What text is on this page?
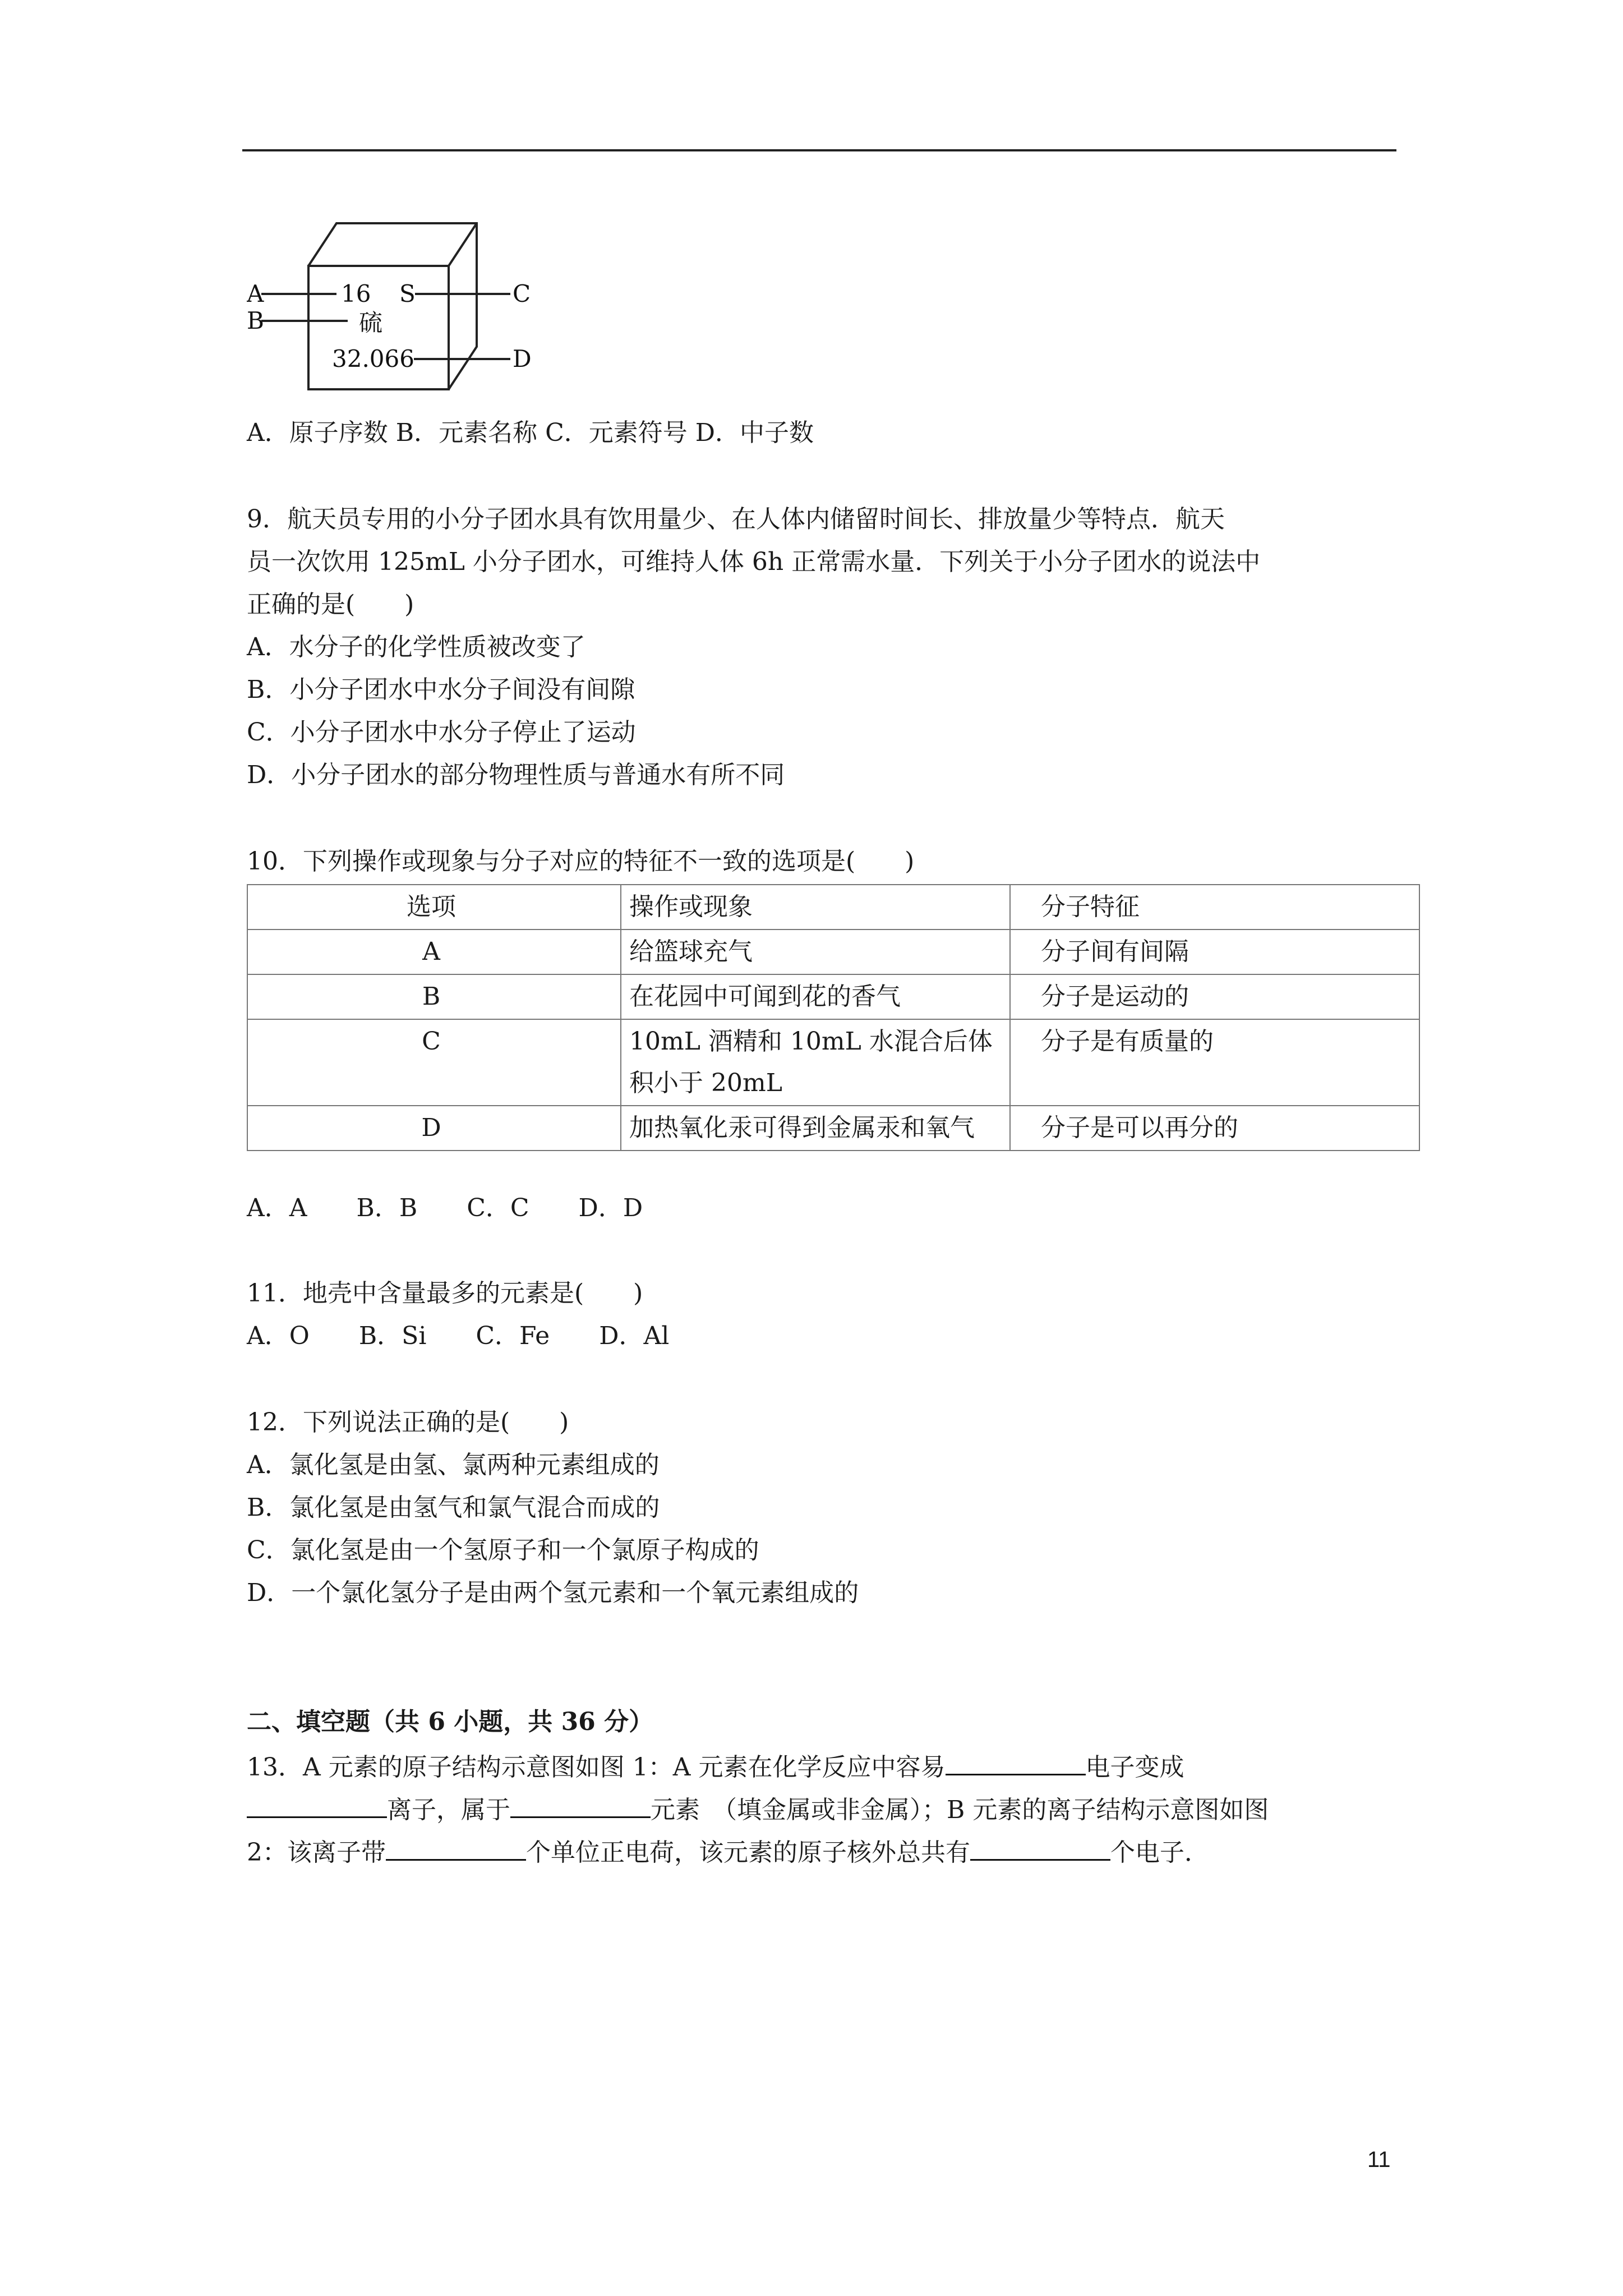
A
B
C
D
16 S
硫
32.066
A．原子序数 B．元素名称 C．元素符号 D．中子数
9．航天员专用的小分子团水具有饮用量少、在人体内储留时间长、排放量少等特点．航天
员一次饮用 125mL 小分子团水，可维持人体 6h 正常需水量．下列关于小分子团水的说法中
正确的是(　　)
A．水分子的化学性质被改变了
B．小分子团水中水分子间没有间隙
C．小分子团水中水分子停止了运动
D．小分子团水的部分物理性质与普通水有所不同
10．下列操作或现象与分子对应的特征不一致的选项是(　　)
选项	操作或现象	分子特征
A	给篮球充气	分子间有间隔
B	在花园中可闻到花的香气	分子是运动的
C	10mL 酒精和 10mL 水混合后体积小于 20mL	分子是有质量的
D	加热氧化汞可得到金属汞和氧气	分子是可以再分的
A．A　　B．B　　C．C　　D．D
11．地壳中含量最多的元素是(　　)
A．O　　B．Si　　C．Fe　　D．Al
12．下列说法正确的是(　　)
A．氯化氢是由氢、氯两种元素组成的
B．氯化氢是由氢气和氯气混合而成的
C．氯化氢是由一个氢原子和一个氯原子构成的
D．一个氯化氢分子是由两个氢元素和一个氧元素组成的
二、填空题（共 6 小题，共 36 分）
13．A 元素的原子结构示意图如图 1：A 元素在化学反应中容易	电子变成
离子，属于	元素　（填金属或非金属）；B 元素的离子结构示意图如图
2：该离子带	个单位正电荷，该元素的原子核外总共有	个电子．
11
